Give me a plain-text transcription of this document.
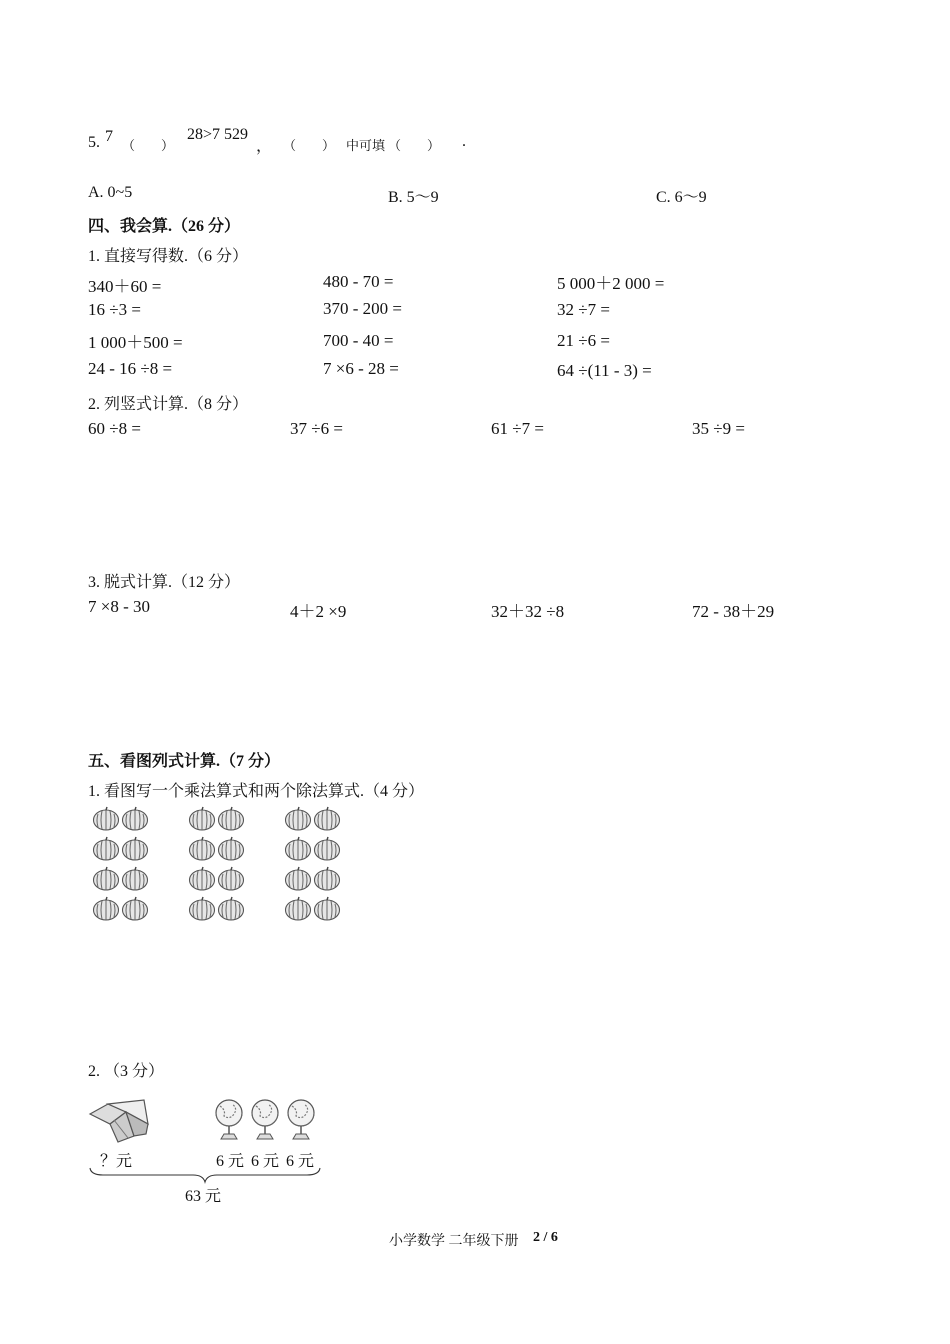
5. 7
（　　）
28>7 529
， （　　） 中可填 （　　） .
A. 0~5	B. 5～9	C. 6～9
四、我会算.（26 分）
1. 直接写得数.（6 分）
340＋60 =	480 - 70 =	5 000＋2 000 =
16 ÷3 =	370 - 200 =	32 ÷7 =
1 000＋500 =	700 - 40 =	21 ÷6 =
24 - 16 ÷8 =	7 ×6 - 28 =	64 ÷(11 - 3) =
2. 列竖式计算.（8 分）
60 ÷8 =	37 ÷6 =	61 ÷7 =	35 ÷9 =
3. 脱式计算.（12 分）
7 ×8 - 30	4＋2 ×9	32＋32 ÷8	72 - 38＋29
五、看图列式计算.（7 分）
1. 看图写一个乘法算式和两个除法算式.（4 分）
2. （3 分）
？元	6 元 6 元 6 元
63 元
小学数学 二年级下册 2 / 6
